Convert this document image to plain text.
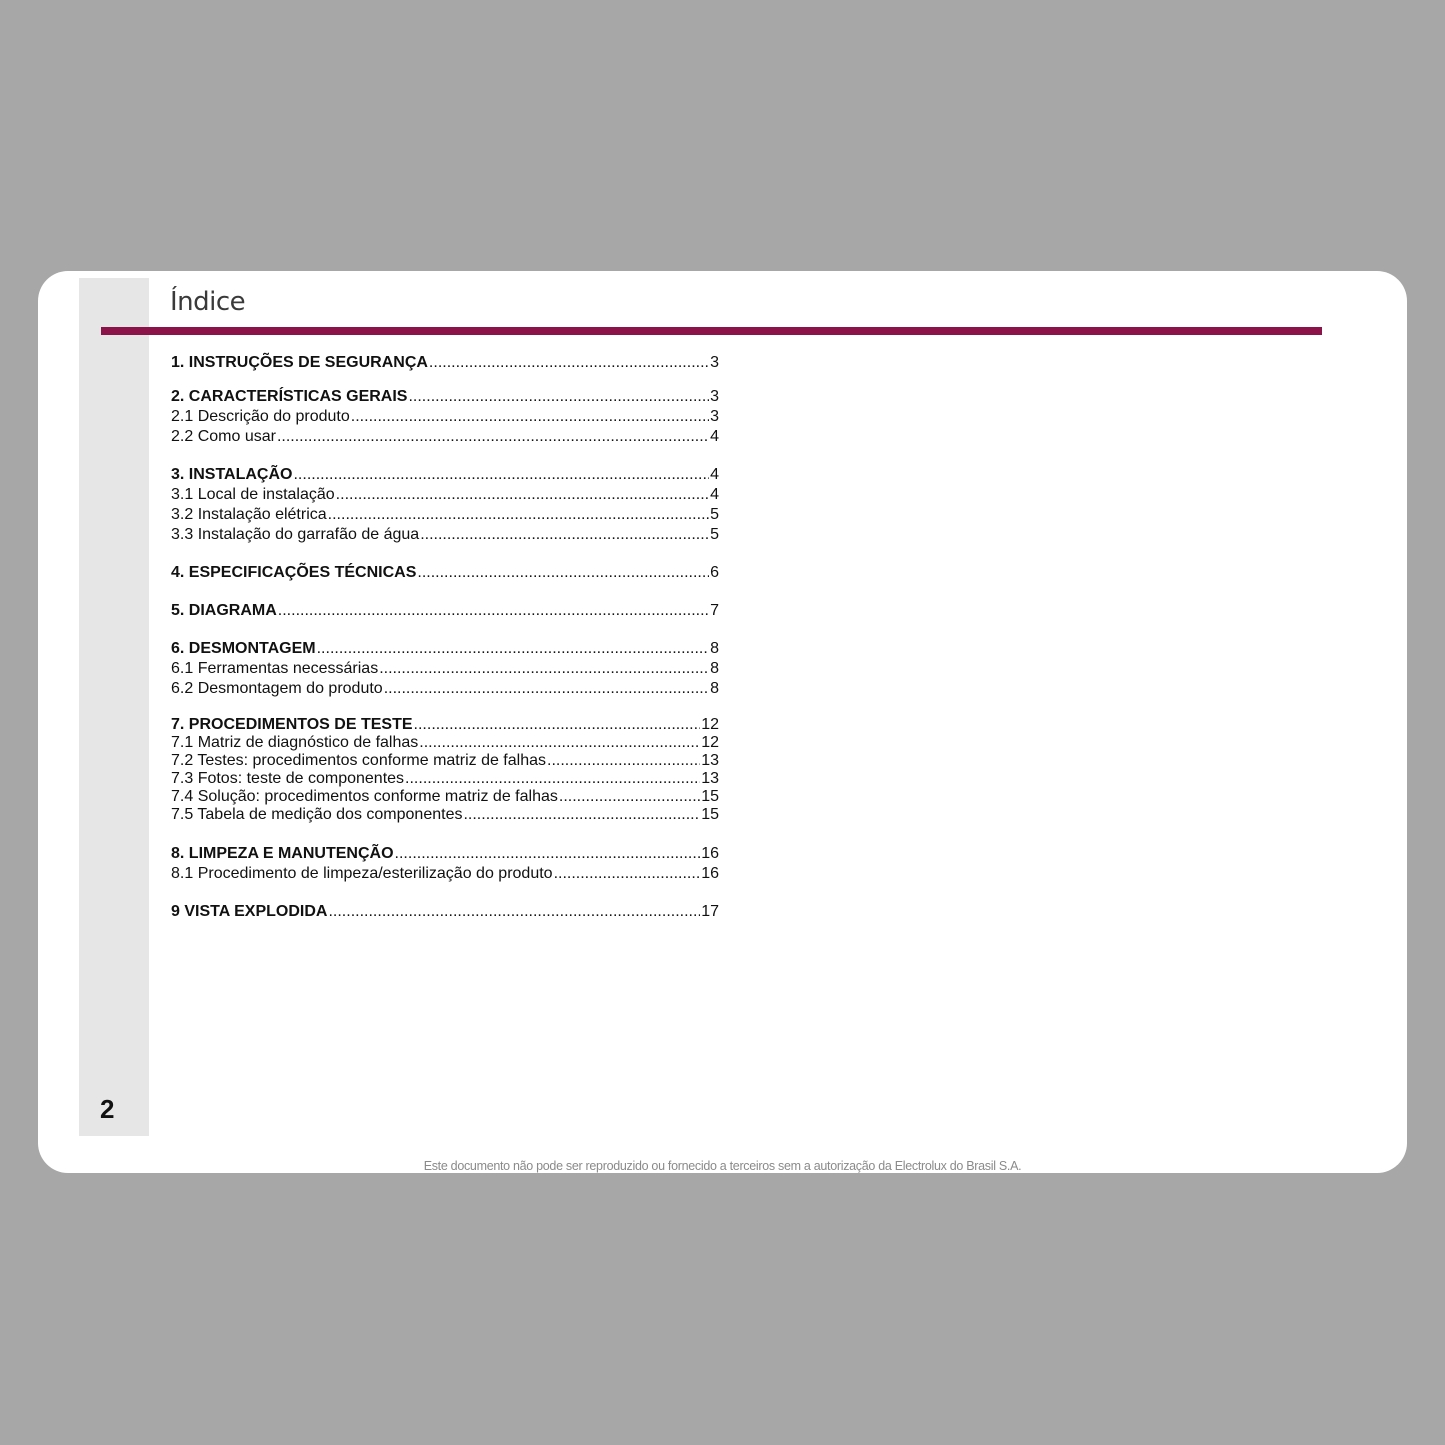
2
Índice
1. INSTRUÇÕES DE SEGURANÇA .....	3
2. CARACTERÍSTICAS GERAIS .....	3
2.1 Descrição do produto .....	3
2.2 Como usar .....	4
3. INSTALAÇÃO .....	4
3.1 Local de instalação .....	4
3.2 Instalação elétrica .....	5
3.3 Instalação do garrafão de água .....	5
4. ESPECIFICAÇÕES TÉCNICAS .....	6
5. DIAGRAMA .....	7
6. DESMONTAGEM .....	8
6.1 Ferramentas necessárias .....	8
6.2 Desmontagem do produto .....	8
7. PROCEDIMENTOS DE TESTE .....	12
7.1 Matriz de diagnóstico de falhas .....	12
7.2 Testes: procedimentos conforme matriz de falhas .....	13
7.3 Fotos: teste de componentes .....	13
7.4 Solução: procedimentos conforme matriz de falhas .....	15
7.5 Tabela de medição dos componentes .....	15
8. LIMPEZA E MANUTENÇÃO .....	16
8.1 Procedimento de limpeza/esterilização do produto .....	16
9 VISTA EXPLODIDA .....	17
Este documento não pode ser reproduzido ou fornecido a terceiros sem a autorização da Electrolux do Brasil S.A.
